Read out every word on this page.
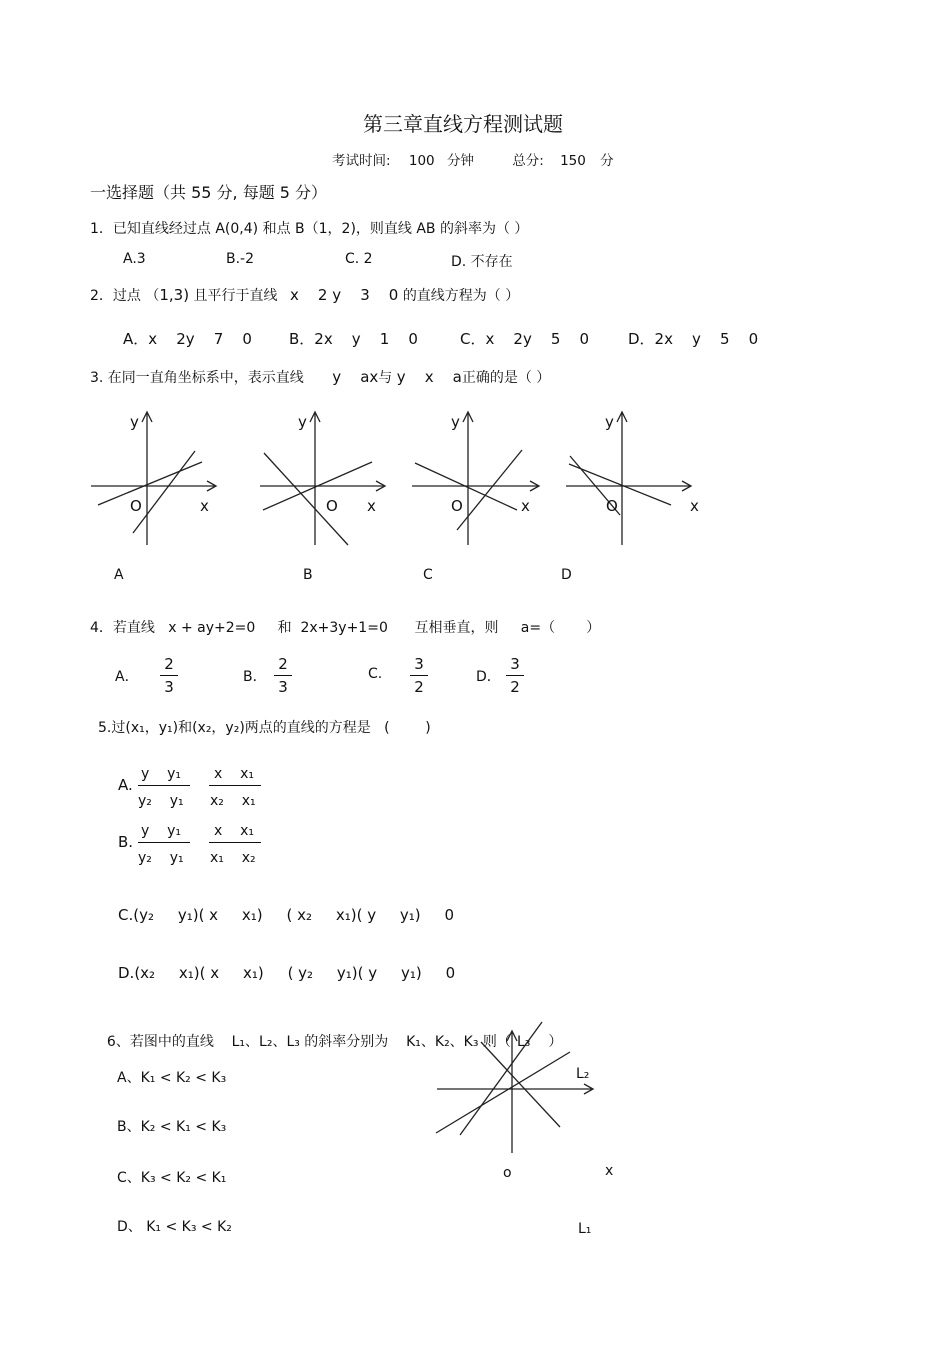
第三章直线方程测试题
考试时间: 100 分钟	总分: 150 分
一选择题（共 55 分, 每题 5 分）
1．已知直线经过点 A(0,4) 和点 B（1，2)，则直线 AB 的斜率为（ ）
A.3	B.-2	C. 2	D. 不存在
2．过点 （1,3) 且平行于直线 x    2 y    3    0 的直线方程为（ ）
A．x    2y    7    0 B．2x    y    1    0	C．x    2y    5    0	D．2x    y    5    0
3. 在同一直角坐标系中，表示直线 y    ax与 y    x    a正确的是（ ）
y
O	x
A
y
O x
B
y
O	x
C
y
O	x
D
4．若直线   x + ay+2=0     和  2x+3y+1=0      互相垂直，则     a=（       ）
A．
2
3
B．
2
3
C.
3
2
D．
3
2
5.过(x₁，y₁)和(x₂，y₂)两点的直线的方程是   (        )
A.
y    y₁
y₂    y₁
x    x₁
x₂    x₁
B.
y    y₁
y₂    y₁
x    x₁
x₁    x₂
C.(y₂     y₁)( x     x₁)     ( x₂     x₁)( y     y₁)     0
D.(x₂     x₁)( x     x₁)     ( y₂     y₁)( y     y₁)     0

6、若图中的直线    L₁、L₂、L₃ 的斜率分别为    K₁、K₂、K₃ 则（ L₃ ）

A、K₁ < K₂ < K₃
B、K₂ < K₁ < K₃
C、K₃ < K₂ < K₁
D、 K₁ < K₃ < K₂
L₂
o	x
L₁
